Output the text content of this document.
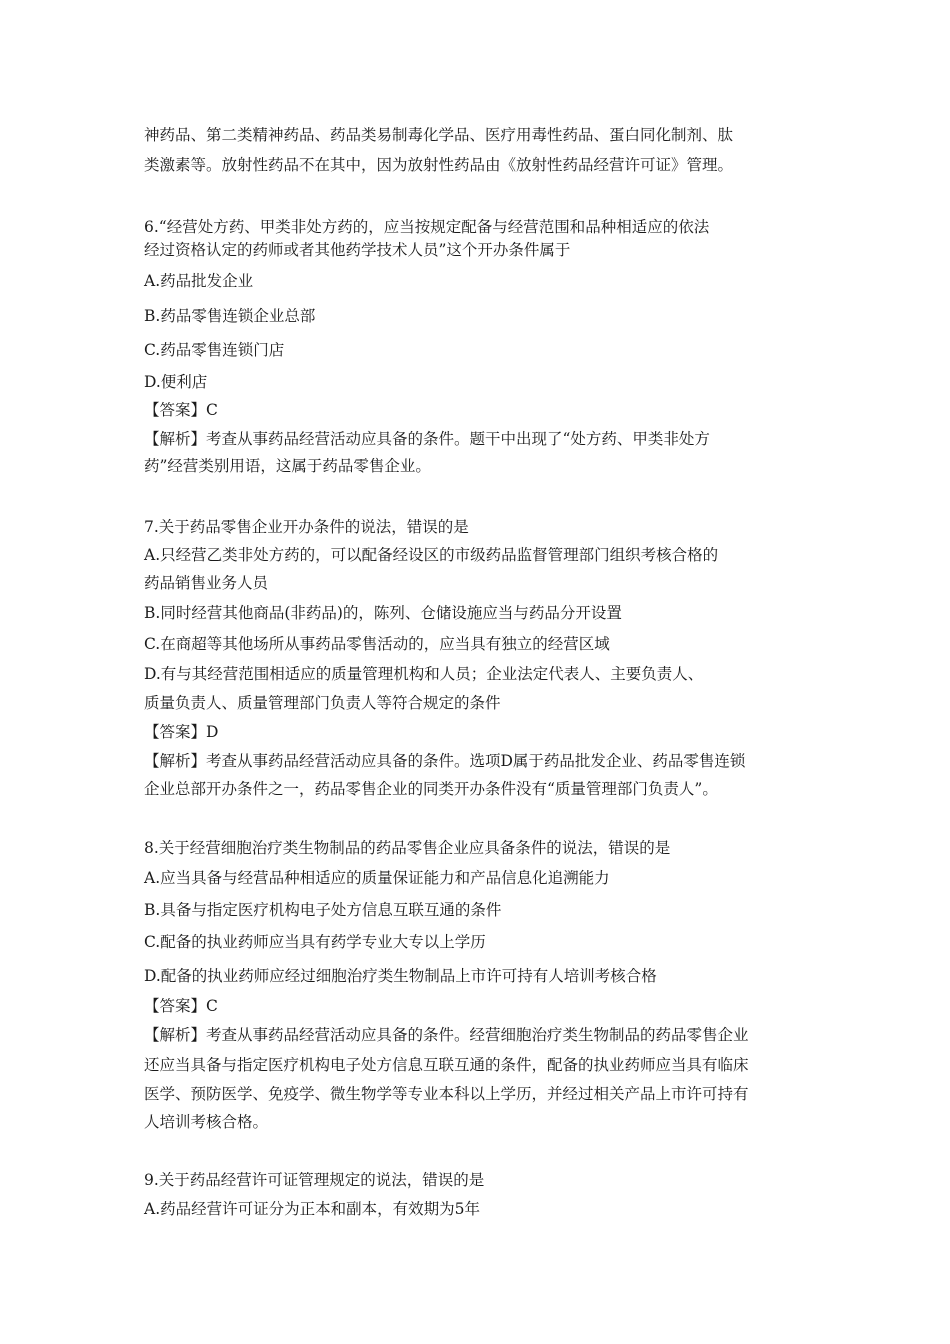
神药品、第二类精神药品、药品类易制毒化学品、医疗用毒性药品、蛋白同化制剂、肽
类激素等。放射性药品不在其中，因为放射性药品由《放射性药品经营许可证》管理。
6.“经营处方药、甲类非处方药的，应当按规定配备与经营范围和品种相适应的依法
经过资格认定的药师或者其他药学技术人员”这个开办条件属于
A.药品批发企业
B.药品零售连锁企业总部
C.药品零售连锁门店
D.便利店
【答案】C
【解析】考查从事药品经营活动应具备的条件。题干中出现了“处方药、甲类非处方
药”经营类别用语，这属于药品零售企业。
7.关于药品零售企业开办条件的说法，错误的是
A.只经营乙类非处方药的，可以配备经设区的市级药品监督管理部门组织考核合格的
药品销售业务人员
B.同时经营其他商品(非药品)的，陈列、仓储设施应当与药品分开设置
C.在商超等其他场所从事药品零售活动的，应当具有独立的经营区域
D.有与其经营范围相适应的质量管理机构和人员；企业法定代表人、主要负责人、
质量负责人、质量管理部门负责人等符合规定的条件
【答案】D
【解析】考查从事药品经营活动应具备的条件。选项D属于药品批发企业、药品零售连锁
企业总部开办条件之一，药品零售企业的同类开办条件没有“质量管理部门负责人”。
8.关于经营细胞治疗类生物制品的药品零售企业应具备条件的说法，错误的是
A.应当具备与经营品种相适应的质量保证能力和产品信息化追溯能力
B.具备与指定医疗机构电子处方信息互联互通的条件
C.配备的执业药师应当具有药学专业大专以上学历
D.配备的执业药师应经过细胞治疗类生物制品上市许可持有人培训考核合格
【答案】C
【解析】考查从事药品经营活动应具备的条件。经营细胞治疗类生物制品的药品零售企业
还应当具备与指定医疗机构电子处方信息互联互通的条件，配备的执业药师应当具有临床
医学、预防医学、免疫学、微生物学等专业本科以上学历，并经过相关产品上市许可持有
人培训考核合格。
9.关于药品经营许可证管理规定的说法，错误的是
A.药品经营许可证分为正本和副本，有效期为5年
